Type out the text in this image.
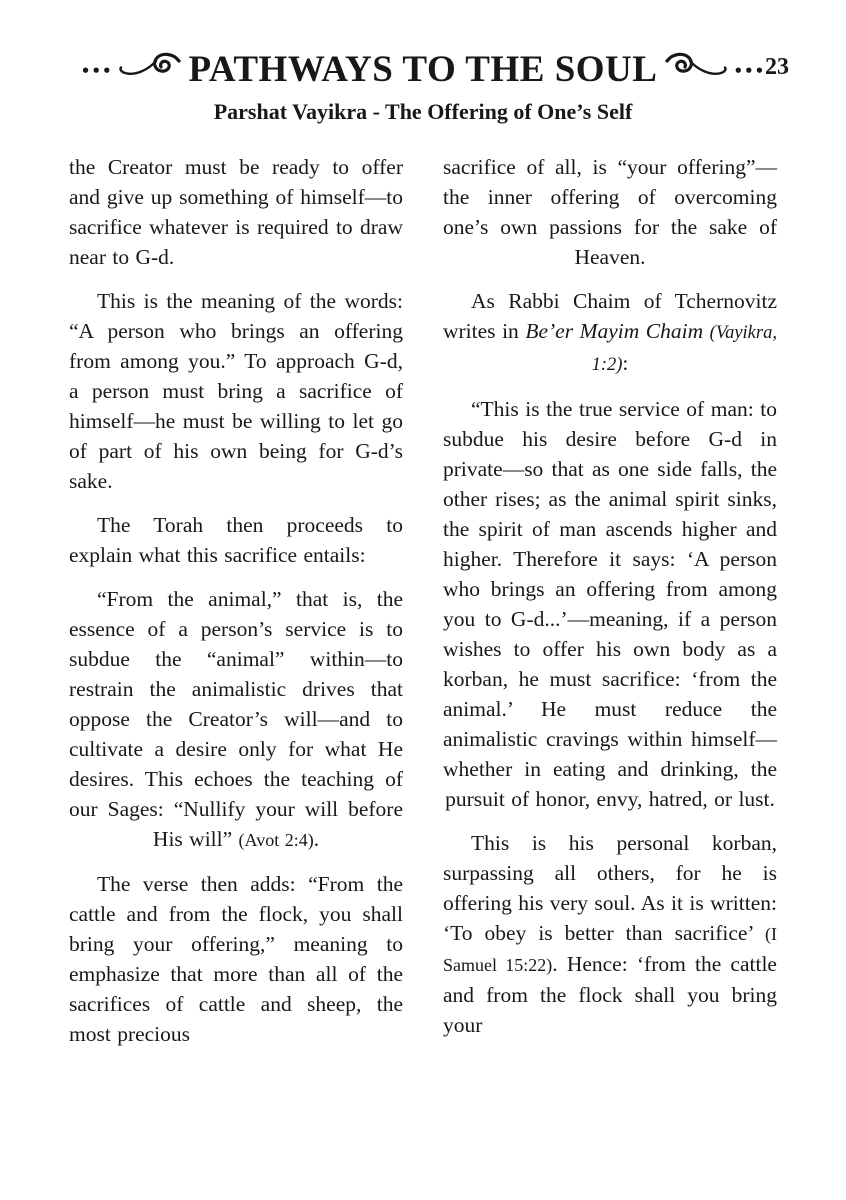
••• PATHWAYS TO THE SOUL	••• 23
Parshat Vayikra - The Offering of One’s Self

the Creator must be ready to offer and give up something of himself—to sacrifice whatever is required to draw near to G-d.

This is the meaning of the words: “A person who brings an offering from among you.” To approach G-d, a person must bring a sacrifice of himself—he must be willing to let go of part of his own being for G-d’s sake.

The Torah then proceeds to explain what this sacrifice entails:

“From the animal,” that is, the essence of a person’s service is to subdue the “animal” within—to restrain the animalistic drives that oppose the Creator’s will—and to cultivate a desire only for what He desires. This echoes the teaching of our Sages: “Nullify your will before His will” (Avot 2:4).

The verse then adds: “From the cattle and from the flock, you shall bring your offering,” meaning to emphasize that more than all of the sacrifices of cattle and sheep, the most precious

sacrifice of all, is “your offering”—the inner offering of overcoming one’s own passions for the sake of Heaven.

As Rabbi Chaim of Tchernovitz writes in Be’er Mayim Chaim (Vayikra, 1:2):

“This is the true service of man: to subdue his desire before G-d in private—so that as one side falls, the other rises; as the animal spirit sinks, the spirit of man ascends higher and higher. Therefore it says: ‘A person who brings an offering from among you to G-d...’—meaning, if a person wishes to offer his own body as a korban, he must sacrifice: ‘from the animal.’ He must reduce the animalistic cravings within himself—whether in eating and drinking, the pursuit of honor, envy, hatred, or lust.

This is his personal korban, surpassing all others, for he is offering his very soul. As it is written: ‘To obey is better than sacrifice’ (I Samuel 15:22). Hence: ‘from the cattle and from the flock shall you bring your
